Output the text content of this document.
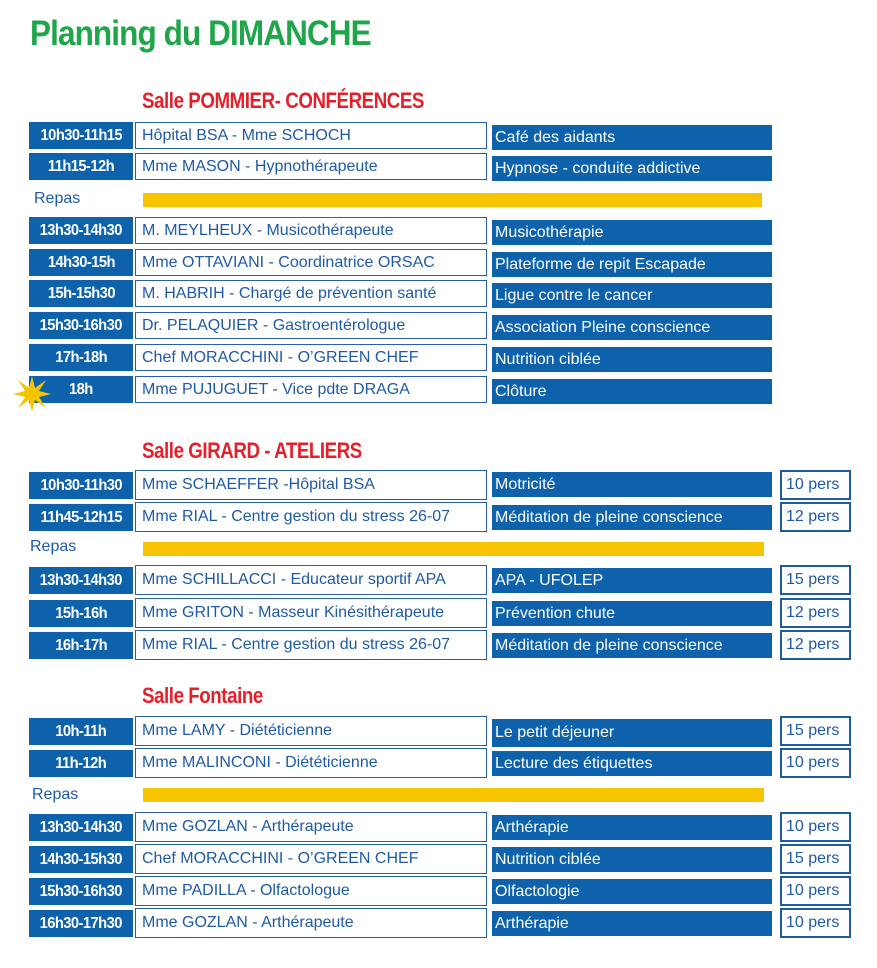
Planning du DIMANCHE
Salle POMMIER- CONFÉRENCES
10h30-11h15	Hôpital BSA - Mme SCHOCH	Café des aidants
11h15-12h	Mme MASON - Hypnothérapeute	Hypnose - conduite addictive
Repas
13h30-14h30	M. MEYLHEUX - Musicothérapeute	Musicothérapie
14h30-15h	Mme OTTAVIANI - Coordinatrice ORSAC	Plateforme de repit Escapade
15h-15h30	M. HABRIH - Chargé de prévention santé	Ligue contre le cancer
15h30-16h30	Dr. PELAQUIER - Gastroentérologue	Association Pleine conscience
17h-18h	Chef MORACCHINI - O’GREEN CHEF	Nutrition ciblée
18h	Mme PUJUGUET - Vice pdte DRAGA	Clôture
Salle GIRARD - ATELIERS
10h30-11h30	Mme SCHAEFFER -Hôpital BSA	Motricité	10 pers
11h45-12h15	Mme RIAL - Centre gestion du stress 26-07	Méditation de pleine conscience	12 pers
Repas
13h30-14h30	Mme SCHILLACCI - Educateur sportif APA	APA - UFOLEP	15 pers
15h-16h	Mme GRITON - Masseur Kinésithérapeute	Prévention chute	12 pers
16h-17h	Mme RIAL - Centre gestion du stress 26-07	Méditation de pleine conscience	12 pers
Salle Fontaine
10h-11h	Mme LAMY - Diététicienne	Le petit déjeuner	15 pers
11h-12h	Mme MALINCONI - Diététicienne	Lecture des étiquettes	10 pers
Repas
13h30-14h30	Mme GOZLAN - Arthérapeute	Arthérapie	10 pers
14h30-15h30	Chef MORACCHINI - O’GREEN CHEF	Nutrition ciblée	15 pers
15h30-16h30	Mme PADILLA - Olfactologue	Olfactologie	10 pers
16h30-17h30	Mme GOZLAN - Arthérapeute	Arthérapie	10 pers
